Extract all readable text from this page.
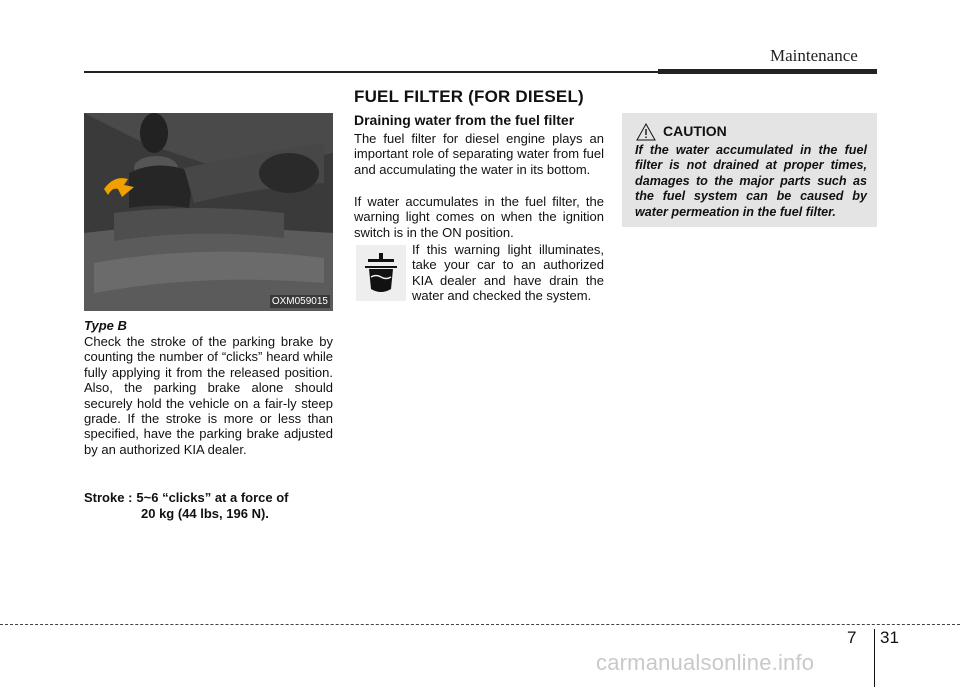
Maintenance
FUEL FILTER (FOR DIESEL)
OXM059015
Type B

Check the stroke of the parking brake by counting the number of “clicks” heard while fully applying it from the released position. Also, the parking brake alone should securely hold the vehicle on a fair-ly steep grade. If the stroke is more or less than specified, have the parking brake adjusted by an authorized KIA dealer.

Stroke : 5~6 “clicks” at a force of
20 kg (44 lbs, 196 N).
Draining water from the fuel filter

The fuel filter for diesel engine plays an important role of separating water from fuel and accumulating the water in its bottom.

If water accumulates in the fuel filter, the warning light comes on when the ignition switch is in the ON position.

If this warning light illuminates, take your car to an authorized KIA dealer and have drain the water and checked the system.

CAUTION
If the water accumulated in the fuel filter is not drained at proper times, damages to the major parts such as the fuel system can be caused by water permeation in the fuel filter.
7 31
carmanualsonline.info
